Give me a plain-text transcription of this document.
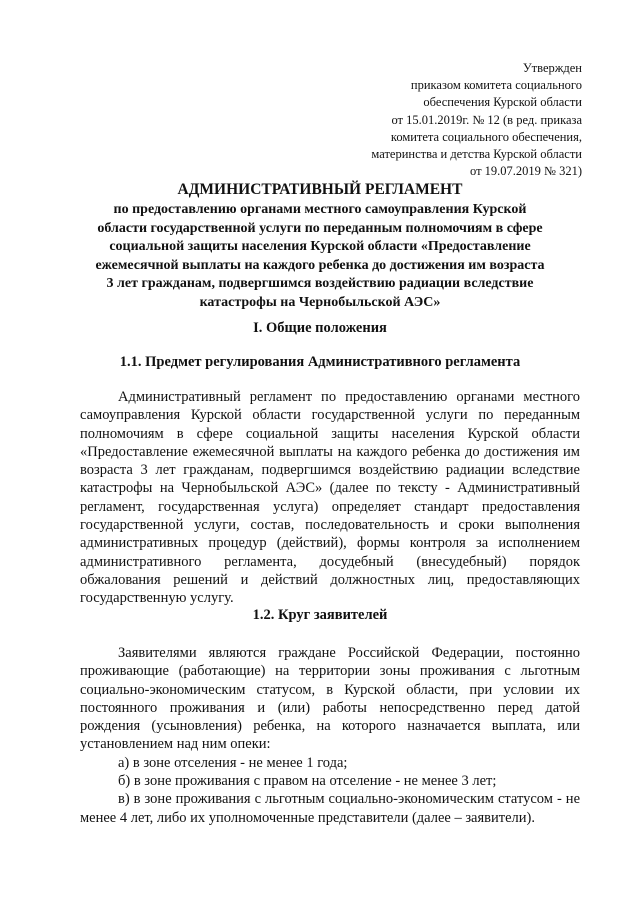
Утвержден
приказом комитета социального
обеспечения Курской области
от 15.01.2019г. № 12 (в ред. приказа
комитета социального обеспечения,
материнства и детства Курской области
от 19.07.2019 № 321)
АДМИНИСТРАТИВНЫЙ РЕГЛАМЕНТ
по предоставлению органами местного самоуправления Курской
области государственной услуги по переданным полномочиям в сфере
социальной защиты населения Курской области «Предоставление
ежемесячной выплаты на каждого ребенка до достижения им возраста
3 лет гражданам, подвергшимся воздействию радиации вследствие
катастрофы на Чернобыльской АЭС»
I. Общие положения
1.1. Предмет регулирования Административного регламента

Административный регламент по предоставлению органами местного самоуправления Курской области государственной услуги по переданным полномочиям в сфере социальной защиты населения Курской области «Предоставление ежемесячной выплаты на каждого ребенка до достижения им возраста 3 лет гражданам, подвергшимся воздействию радиации вследствие катастрофы на Чернобыльской АЭС» (далее по тексту - Административный регламент, государственная услуга) определяет стандарт предоставления государственной услуги, состав, последовательность и сроки выполнения административных процедур (действий), формы контроля за исполнением административного регламента, досудебный (внесудебный) порядок обжалования решений и действий должностных лиц, предоставляющих государственную услугу.

1.2. Круг заявителей

Заявителями являются граждане Российской Федерации, постоянно проживающие (работающие) на территории зоны проживания с льготным социально-экономическим статусом, в Курской области, при условии их постоянного проживания и (или) работы непосредственно перед датой рождения (усыновления) ребенка, на которого назначается выплата, или установлением над ним опеки:

а) в зоне отселения - не менее 1 года;

б) в зоне проживания с правом на отселение - не менее 3 лет;

в) в зоне проживания с льготным социально-экономическим статусом - не менее 4 лет, либо их уполномоченные представители (далее – заявители).
